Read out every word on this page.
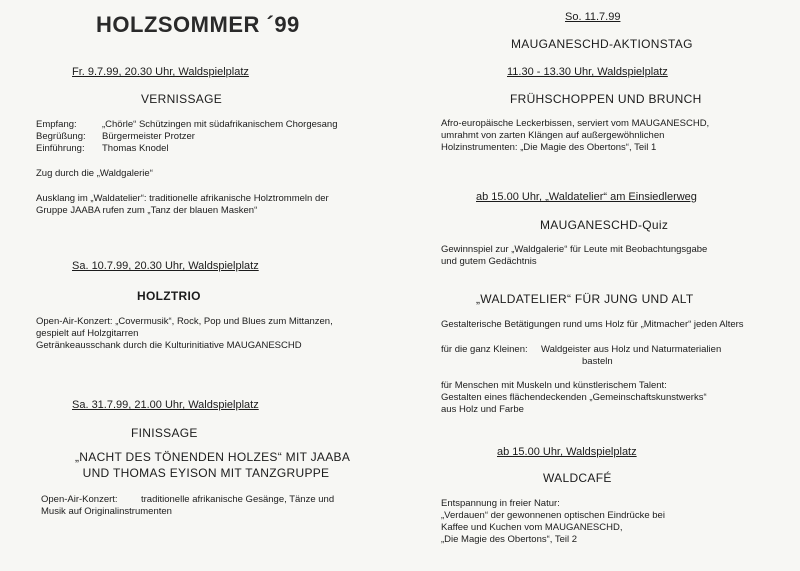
HOLZSOMMER ´99
Fr. 9.7.99, 20.30 Uhr, Waldspielplatz
VERNISSAGE
Empfang:	„Chörle“ Schützingen mit südafrikanischem Chorgesang
Begrüßung: Bürgermeister Protzer
Einführung: Thomas Knodel
Zug durch die „Waldgalerie“
Ausklang im „Waldatelier“: traditionelle afrikanische Holztrommeln der
Gruppe JAABA rufen zum „Tanz der blauen Masken“
Sa. 10.7.99, 20.30 Uhr, Waldspielplatz
HOLZTRIO
Open-Air-Konzert: „Covermusik“, Rock, Pop und Blues zum Mittanzen,
gespielt auf Holzgitarren
Getränkeausschank durch die Kulturinitiative MAUGANESCHD
Sa. 31.7.99, 21.00 Uhr, Waldspielplatz
FINISSAGE
„NACHT DES TÖNENDEN HOLZES“ MIT JAABA
UND THOMAS EYISON MIT TANZGRUPPE
Open-Air-Konzert: traditionelle afrikanische Gesänge, Tänze und
Musik auf Originalinstrumenten
So. 11.7.99
MAUGANESCHD-AKTIONSTAG
11.30 - 13.30 Uhr, Waldspielplatz
FRÜHSCHOPPEN UND BRUNCH
Afro-europäische Leckerbissen, serviert vom MAUGANESCHD,
umrahmt von zarten Klängen auf außergewöhnlichen
Holzinstrumenten: „Die Magie des Obertons“, Teil 1
ab 15.00 Uhr, „Waldatelier“ am Einsiedlerweg
MAUGANESCHD-Quiz
Gewinnspiel zur „Waldgalerie“ für Leute mit Beobachtungsgabe
und gutem Gedächtnis
„WALDATELIER“ FÜR JUNG UND ALT
Gestalterische Betätigungen rund ums Holz für „Mitmacher“ jeden Alters
für die ganz Kleinen: Waldgeister aus Holz und Naturmaterialien
basteln
für Menschen mit Muskeln und künstlerischem Talent:
Gestalten eines flächendeckenden „Gemeinschaftskunstwerks“
aus Holz und Farbe
ab 15.00 Uhr, Waldspielplatz
WALDCAFÉ
Entspannung in freier Natur:
„Verdauen“ der gewonnenen optischen Eindrücke bei
Kaffee und Kuchen vom MAUGANESCHD,
„Die Magie des Obertons“, Teil 2
